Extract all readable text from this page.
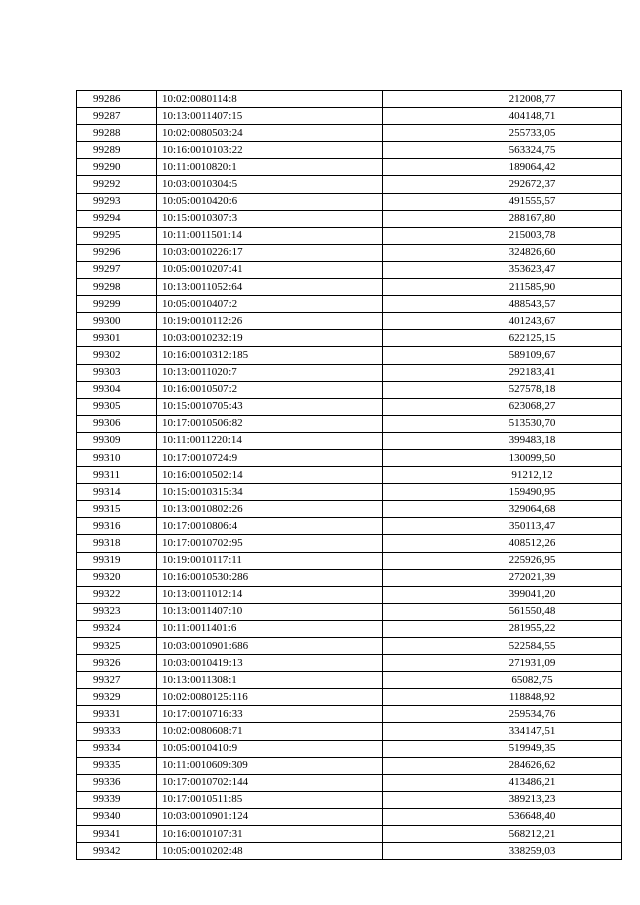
99286	10:02:0080114:8	212008,77
99287	10:13:0011407:15	404148,71
99288	10:02:0080503:24	255733,05
99289	10:16:0010103:22	563324,75
99290	10:11:0010820:1	189064,42
99292	10:03:0010304:5	292672,37
99293	10:05:0010420:6	491555,57
99294	10:15:0010307:3	288167,80
99295	10:11:0011501:14	215003,78
99296	10:03:0010226:17	324826,60
99297	10:05:0010207:41	353623,47
99298	10:13:0011052:64	211585,90
99299	10:05:0010407:2	488543,57
99300	10:19:0010112:26	401243,67
99301	10:03:0010232:19	622125,15
99302	10:16:0010312:185	589109,67
99303	10:13:0011020:7	292183,41
99304	10:16:0010507:2	527578,18
99305	10:15:0010705:43	623068,27
99306	10:17:0010506:82	513530,70
99309	10:11:0011220:14	399483,18
99310	10:17:0010724:9	130099,50
99311	10:16:0010502:14	91212,12
99314	10:15:0010315:34	159490,95
99315	10:13:0010802:26	329064,68
99316	10:17:0010806:4	350113,47
99318	10:17:0010702:95	408512,26
99319	10:19:0010117:11	225926,95
99320	10:16:0010530:286	272021,39
99322	10:13:0011012:14	399041,20
99323	10:13:0011407:10	561550,48
99324	10:11:0011401:6	281955,22
99325	10:03:0010901:686	522584,55
99326	10:03:0010419:13	271931,09
99327	10:13:0011308:1	65082,75
99329	10:02:0080125:116	118848,92
99331	10:17:0010716:33	259534,76
99333	10:02:0080608:71	334147,51
99334	10:05:0010410:9	519949,35
99335	10:11:0010609:309	284626,62
99336	10:17:0010702:144	413486,21
99339	10:17:0010511:85	389213,23
99340	10:03:0010901:124	536648,40
99341	10:16:0010107:31	568212,21
99342	10:05:0010202:48	338259,03
